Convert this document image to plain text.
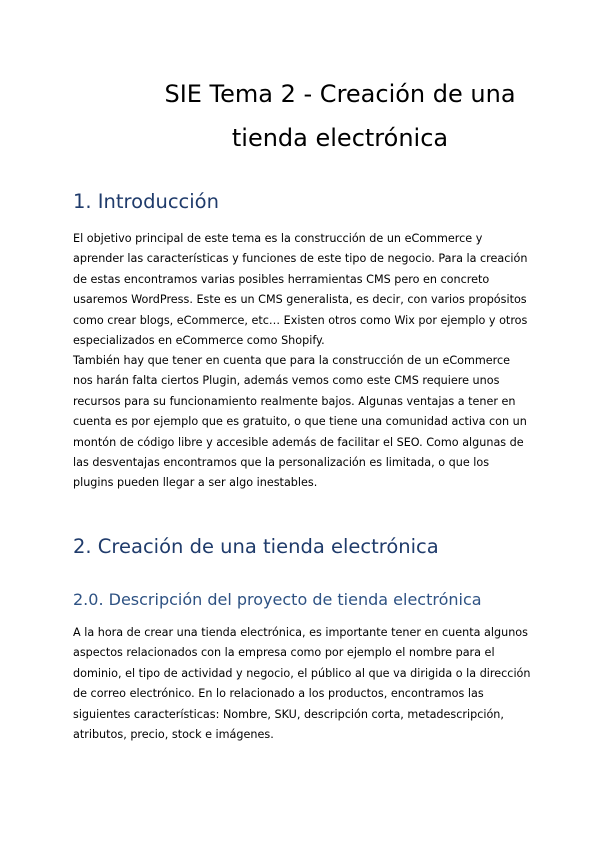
SIE Tema 2 - Creación de una tienda electrónica
1. Introducción

El objetivo principal de este tema es la construcción de un eCommerce y
aprender las características y funciones de este tipo de negocio. Para la creación
de estas encontramos varias posibles herramientas CMS pero en concreto
usaremos WordPress. Este es un CMS generalista, es decir, con varios propósitos
como crear blogs, eCommerce, etc… Existen otros como Wix por ejemplo y otros
especializados en eCommerce como Shopify.

También hay que tener en cuenta que para la construcción de un eCommerce
nos harán falta ciertos Plugin, además vemos como este CMS requiere unos
recursos para su funcionamiento realmente bajos. Algunas ventajas a tener en
cuenta es por ejemplo que es gratuito, o que tiene una comunidad activa con un
montón de código libre y accesible además de facilitar el SEO. Como algunas de
las desventajas encontramos que la personalización es limitada, o que los
plugins pueden llegar a ser algo inestables.

2. Creación de una tienda electrónica
2.0. Descripción del proyecto de tienda electrónica

A la hora de crear una tienda electrónica, es importante tener en cuenta algunos
aspectos relacionados con la empresa como por ejemplo el nombre para el
dominio, el tipo de actividad y negocio, el público al que va dirigida o la dirección
de correo electrónico. En lo relacionado a los productos, encontramos las
siguientes características: Nombre, SKU, descripción corta, metadescripción,
atributos, precio, stock e imágenes.
